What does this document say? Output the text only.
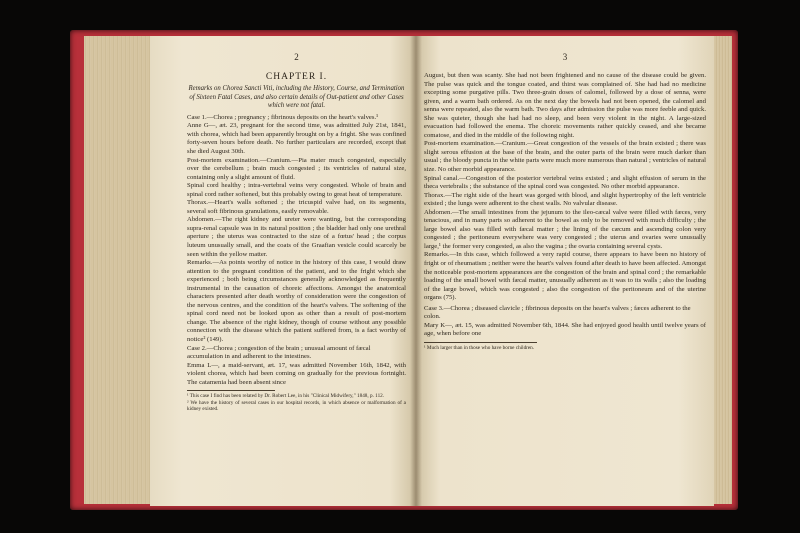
2
CHAPTER I.
Remarks on Chorea Sancti Viti, including the History, Course, and Termination of Sixteen Fatal Cases, and also certain details of Out-patient and other Cases which were not fatal.

Case 1.—Chorea ; pregnancy ; fibrinous deposits on the heart's valves.¹

Anne G—, æt. 23, pregnant for the second time, was admitted July 21st, 1841, with chorea, which had been apparently brought on by a fright. She was confined forty-seven hours before death. No further particulars are recorded, except that she died August 30th.

Post-mortem examination.—Cranium.—Pia mater much congested, especially over the cerebellum ; brain much congested ; its ventricles of natural size, containing only a slight amount of fluid.

Spinal cord healthy ; intra-vertebral veins very congested. Whole of brain and spinal cord rather softened, but this probably owing to great heat of temperature.

Thorax.—Heart's walls softened ; the tricuspid valve had, on its segments, several soft fibrinous granulations, easily removable.

Abdomen.—The right kidney and ureter were wanting, but the corresponding supra-renal capsule was in its natural position ; the bladder had only one urethral aperture ; the uterus was contracted to the size of a fœtus' head ; the corpus luteum unusually small, and the coats of the Graafian vesicle could scarcely be seen within the yellow matter.

Remarks.—As points worthy of notice in the history of this case, I would draw attention to the pregnant condition of the patient, and to the fright which she experienced ; both being circumstances generally acknowledged as frequently instrumental in the causation of choreic affections. Amongst the anatomical characters presented after death worthy of consideration were the congestion of the nervous centres, and the condition of the heart's valves. The softening of the spinal cord need not be looked upon as other than a result of post-mortem change. The absence of the right kidney, though of course without any possible connection with the disease which the patient suffered from, is a fact worthy of notice² (149).

Case 2.—Chorea ; congestion of the brain ; unusual amount of fæcal accumulation in and adherent to the intestines.

Emma L—, a maid-servant, æt. 17, was admitted November 16th, 1842, with violent chorea, which had been coming on gradually for the previous fortnight. The catamenia had been absent since

¹ This case I find has been related by Dr. Robert Lee, in his "Clinical Midwifery," 1848, p. 112.

² We have the history of several cases in our hospital records, in which absence or malformation of a kidney existed.

3

August, but then was scanty. She had not been frightened and no cause of the disease could be given. The pulse was quick and the tongue coated, and thirst was complained of. She had had no medicine excepting some purgative pills. Two three-grain doses of calomel, followed by a dose of senna, were given, and a warm bath ordered. As on the next day the bowels had not been opened, the calomel and senna were repeated, also the warm bath. Two days after admission the pulse was more feeble and quick. She was quieter, though she had had no sleep, and been very violent in the night. A large-sized evacuation had followed the enema. The choreic movements rather quickly ceased, and she became comatose, and died in the middle of the following night.

Post-mortem examination.—Cranium.—Great congestion of the vessels of the brain existed ; there was slight serous effusion at the base of the brain, and the outer parts of the brain were much darker than usual ; the bloody puncta in the white parts were much more numerous than natural ; ventricles of natural size. No other morbid appearance.

Spinal canal.—Congestion of the posterior vertebral veins existed ; and slight effusion of serum in the theca vertebralis ; the substance of the spinal cord was congested. No other morbid appearance.

Thorax.—The right side of the heart was gorged with blood, and slight hypertrophy of the left ventricle existed ; the lungs were adherent to the chest walls. No valvular disease.

Abdomen.—The small intestines from the jejunum to the ileo-cæcal valve were filled with fæces, very tenacious, and in many parts so adherent to the bowel as only to be removed with much difficulty ; the large bowel also was filled with fæcal matter ; the lining of the cæcum and ascending colon very congested ; the peritoneum everywhere was very congested ; the uterus and ovaries were unusually large,¹ the former very congested, as also the vagina ; the ovaria containing several cysts.

Remarks.—In this case, which followed a very rapid course, there appears to have been no history of fright or of rheumatism ; neither were the heart's valves found after death to have been affected. Amongst the noticeable post-mortem appearances are the congestion of the brain and spinal cord ; the remarkable loading of the small bowel with fæcal matter, unusually adherent as it was to its walls ; also the loading of the large bowel, which was congested ; also the congestion of the peritoneum and of the uterine organs (75).

Case 3.—Chorea ; diseased clavicle ; fibrinous deposits on the heart's valves ; fæces adherent to the colon.

Mary K—, æt. 15, was admitted November 6th, 1844. She had enjoyed good health until twelve years of age, when before one

¹ Much larger than in those who have borne children.
